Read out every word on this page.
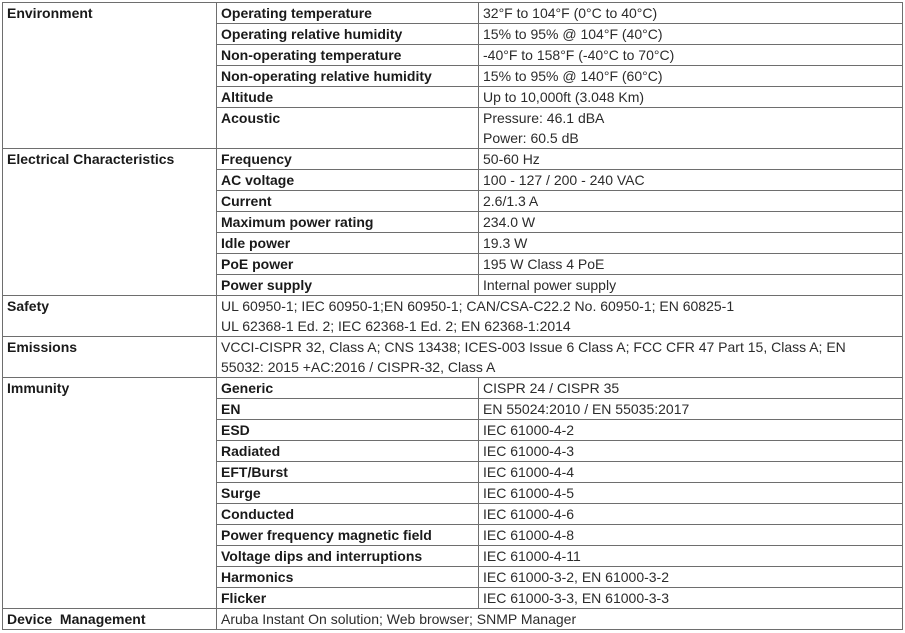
Environment	Operating temperature	32°F to 104°F (0°C to 40°C)
	Operating relative humidity	15% to 95% @ 104°F (40°C)
	Non-operating temperature	-40°F to 158°F (-40°C to 70°C)
	Non-operating relative humidity	15% to 95% @ 140°F (60°C)
	Altitude	Up to 10,000ft (3.048 Km)
	Acoustic	Pressure: 46.1 dBA
Power: 60.5 dB

Electrical Characteristics	Frequency	50-60 Hz
	AC voltage	100 - 127 / 200 - 240 VAC
	Current	2.6/1.3 A
	Maximum power rating	234.0 W
	Idle power	19.3 W
	PoE power	195 W Class 4 PoE
	Power supply	Internal power supply
Safety	UL 60950-1; IEC 60950-1;EN 60950-1; CAN/CSA-C22.2 No. 60950-1; EN 60825-1
UL 62368-1 Ed. 2; IEC 62368-1 Ed. 2; EN 62368-1:2014	

Emissions	VCCI-CISPR 32, Class A; CNS 13438; ICES-003 Issue 6 Class A; FCC CFR 47 Part 15, Class A; EN
55032: 2015 +AC:2016 / CISPR-32, Class A	

Immunity	Generic	CISPR 24 / CISPR 35
	EN	EN 55024:2010 / EN 55035:2017
	ESD	IEC 61000-4-2
	Radiated	IEC 61000-4-3
	EFT/Burst	IEC 61000-4-4
	Surge	IEC 61000-4-5
	Conducted	IEC 61000-4-6
	Power frequency magnetic field	IEC 61000-4-8
	Voltage dips and interruptions	IEC 61000-4-11
	Harmonics	IEC 61000-3-2, EN 61000-3-2
	Flicker	IEC 61000-3-3, EN 61000-3-3
Device  Management	Aruba Instant On solution; Web browser; SNMP Manager	
